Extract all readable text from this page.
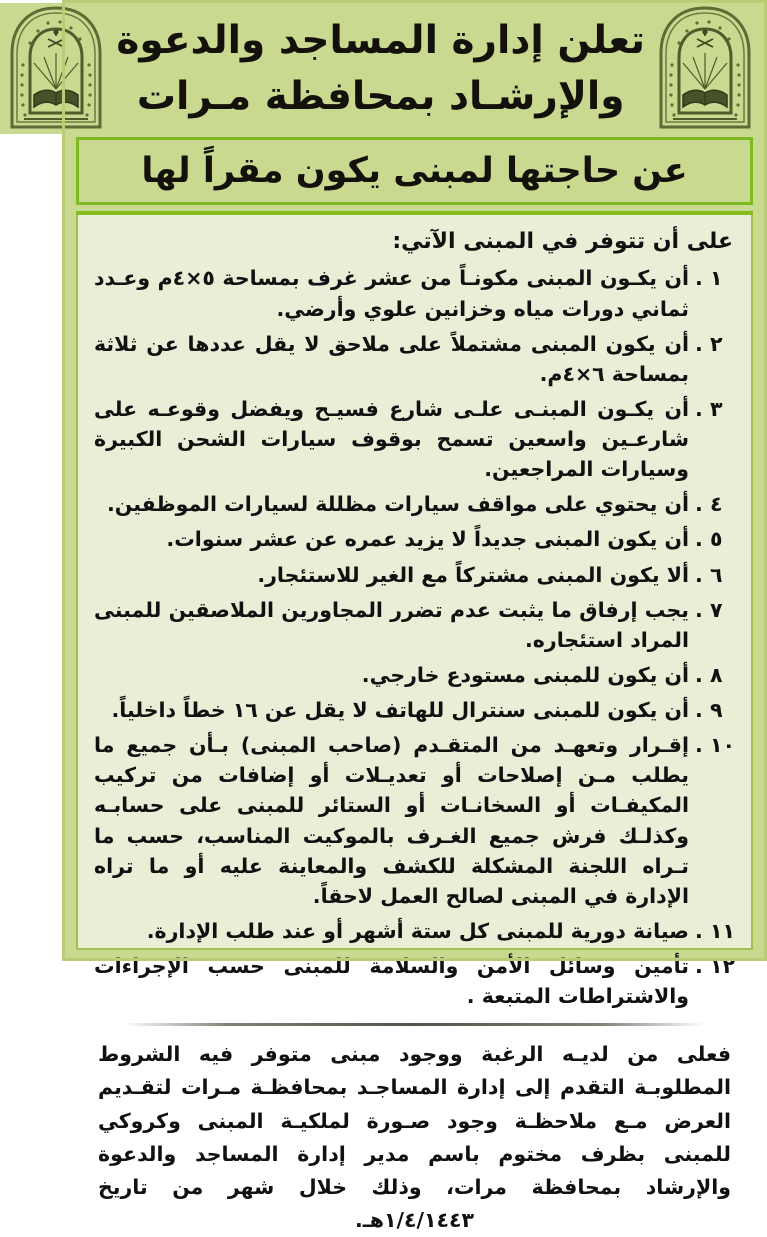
تعلن إدارة المساجد والدعوة
والإرشـاد بمحافظة مـرات
عن حاجتها لمبنى يكون مقراً لها
على أن تتوفر في المبنى الآتي:
١ .
أن يكـون المبنى مكونـاً من عشر غرف بمساحة ٥×٤م وعـدد ثماني دورات مياه وخزانين علوي وأرضي.
٢ .
أن يكون المبنى مشتملاً على ملاحق لا يقل عددها عن ثلاثة بمساحة ٦×٤م.
٣ .
أن يكـون المبنـى علـى شارع فسيـح ويفضل وقوعـه على شارعـين واسعين تسمح بوقوف سيارات الشحن الكبيرة وسيارات المراجعين.
٤ .
أن يحتوي على مواقف سيارات مظللة لسيارات الموظفين.
٥ .
أن يكون المبنى جديداً لا يزيد عمره عن عشر سنوات.
٦ .
ألا يكون المبنى مشتركاً مع الغير للاستئجار.
٧ .
يجب إرفاق ما يثبت عدم تضرر المجاورين الملاصقين للمبنى المراد استئجاره.
٨ .
أن يكون للمبنى مستودع خارجي.
٩ .
أن يكون للمبنى سنترال للهاتف لا يقل عن ١٦ خطاً داخلياً.
١٠ .
إقـرار وتعهـد من المتقـدم (صاحب المبنى) بـأن جميع ما يطلب مـن إصلاحات أو تعديـلات أو إضافات من تركيب المكيفـات أو السخانـات أو الستائر للمبنى على حسابـه وكذلـك فرش جميع الغـرف بالموكيت المناسب، حسب ما تـراه اللجنة المشكلة للكشف والمعاينة عليه أو ما تراه الإدارة في المبنى لصالح العمل لاحقاً.
١١ .
صيانة دورية للمبنى كل ستة أشهر أو عند طلب الإدارة.
١٢ .
تأمين وسائل الأمن والسلامة للمبنى حسب الإجراءات والاشتراطات المتبعة .
فعلى من لديـه الرغبة ووجود مبنى متوفر فيه الشروط المطلوبـة التقدم إلى إدارة المساجـد بمحافظـة مـرات لتقـديم العرض مـع ملاحظـة وجود صـورة لملكيـة المبنى وكروكي للمبنى بظرف مختوم باسم مدير إدارة المساجد والدعوة والإرشاد بمحافظة مرات، وذلك خلال شهر من تاريخ ١/٤/١٤٤٣هـ.
